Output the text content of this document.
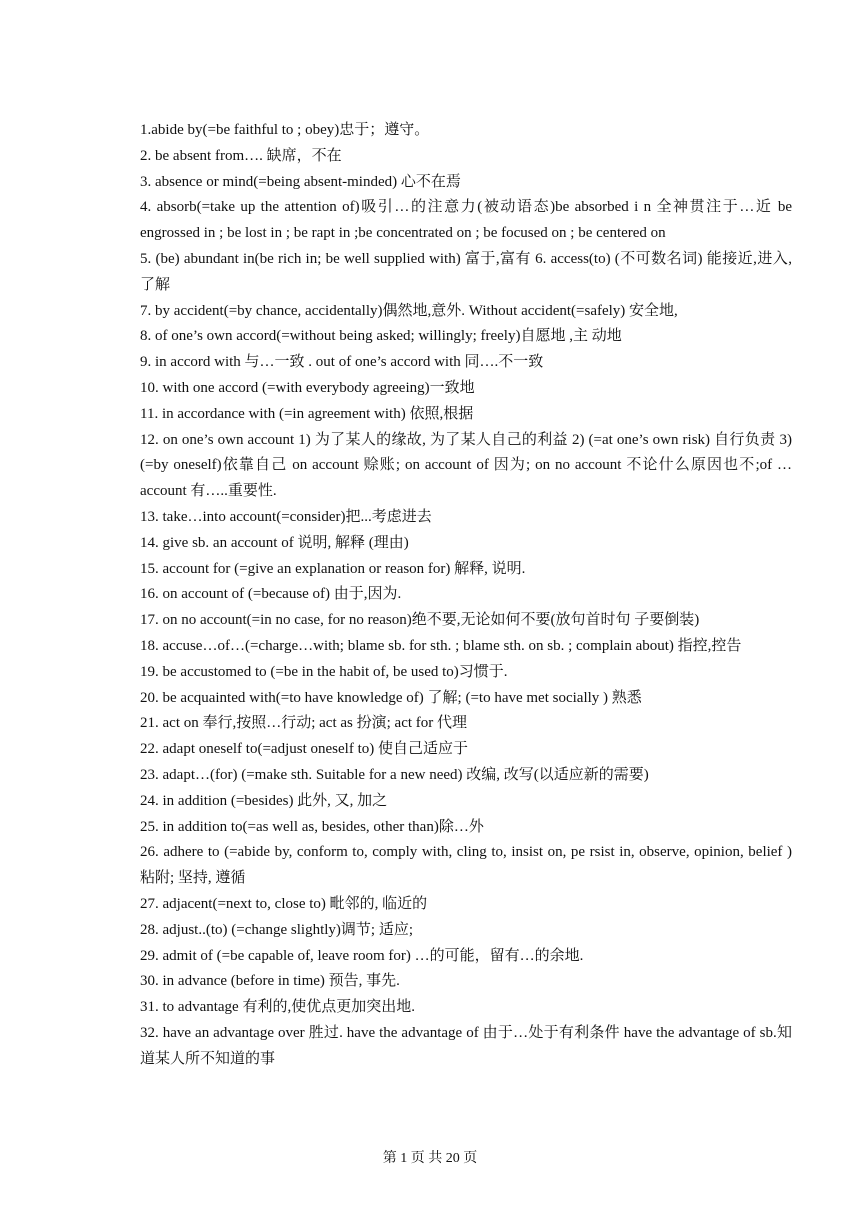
1.abide by(=be faithful to ; obey)忠于；遵守。

2. be absent from…. 缺席，不在

3. absence or mind(=being absent-minded) 心不在焉

4. absorb(=take up the attention of)吸引…的注意力(被动语态)be absorbed i n 全神贯注于…近 be engrossed in ; be lost in ; be rapt in ;be concentrated on ; be focused on ; be centered on

5. (be) abundant in(be rich in; be well supplied with) 富于,富有 6. access(to) (不可数名词) 能接近,进入,了解

7. by accident(=by chance, accidentally)偶然地,意外. Without accident(=safely) 安全地,

8. of one’s own accord(=without being asked; willingly; freely)自愿地 ,主 动地

9. in accord with 与…一致 . out of one’s accord with 同….不一致

10. with one accord (=with everybody agreeing)一致地

11. in accordance with (=in agreement with) 依照,根据

12. on one’s own account 1) 为了某人的缘故, 为了某人自己的利益 2) (=at one’s own risk) 自行负责 3) (=by oneself)依靠自己 on account 赊账; on account of 因为; on no account 不论什么原因也不;of …account 有…..重要性.

13. take…into account(=consider)把...考虑进去

14. give sb. an account of 说明, 解释 (理由)

15. account for (=give an explanation or reason for) 解释, 说明.

16. on account of (=because of) 由于,因为.

17. on no account(=in no case, for no reason)绝不要,无论如何不要(放句首时句 子要倒装)

18. accuse…of…(=charge…with; blame sb. for sth. ; blame sth. on sb. ; complain about) 指控,控告

19. be accustomed to (=be in the habit of, be used to)习惯于.

20. be acquainted with(=to have knowledge of) 了解; (=to have met socially ) 熟悉

21. act on 奉行,按照…行动; act as 扮演; act for 代理

22. adapt oneself to(=adjust oneself to) 使自己适应于

23. adapt…(for) (=make sth. Suitable for a new need) 改编, 改写(以适应新的需要)

24. in addition (=besides) 此外, 又, 加之

25. in addition to(=as well as, besides, other than)除…外

26. adhere to (=abide by, conform to, comply with, cling to, insist on, pe rsist in, observe, opinion, belief ) 粘附; 坚持, 遵循

27. adjacent(=next to, close to) 毗邻的, 临近的

28. adjust..(to) (=change slightly)调节; 适应;

29. admit of (=be capable of, leave room for) …的可能，留有…的余地.

30. in advance (before in time) 预告, 事先.

31. to advantage 有利的,使优点更加突出地.

32. have an advantage over 胜过. have the advantage of 由于…处于有利条件 have the advantage of sb.知道某人所不知道的事

第 1 页 共 20 页
